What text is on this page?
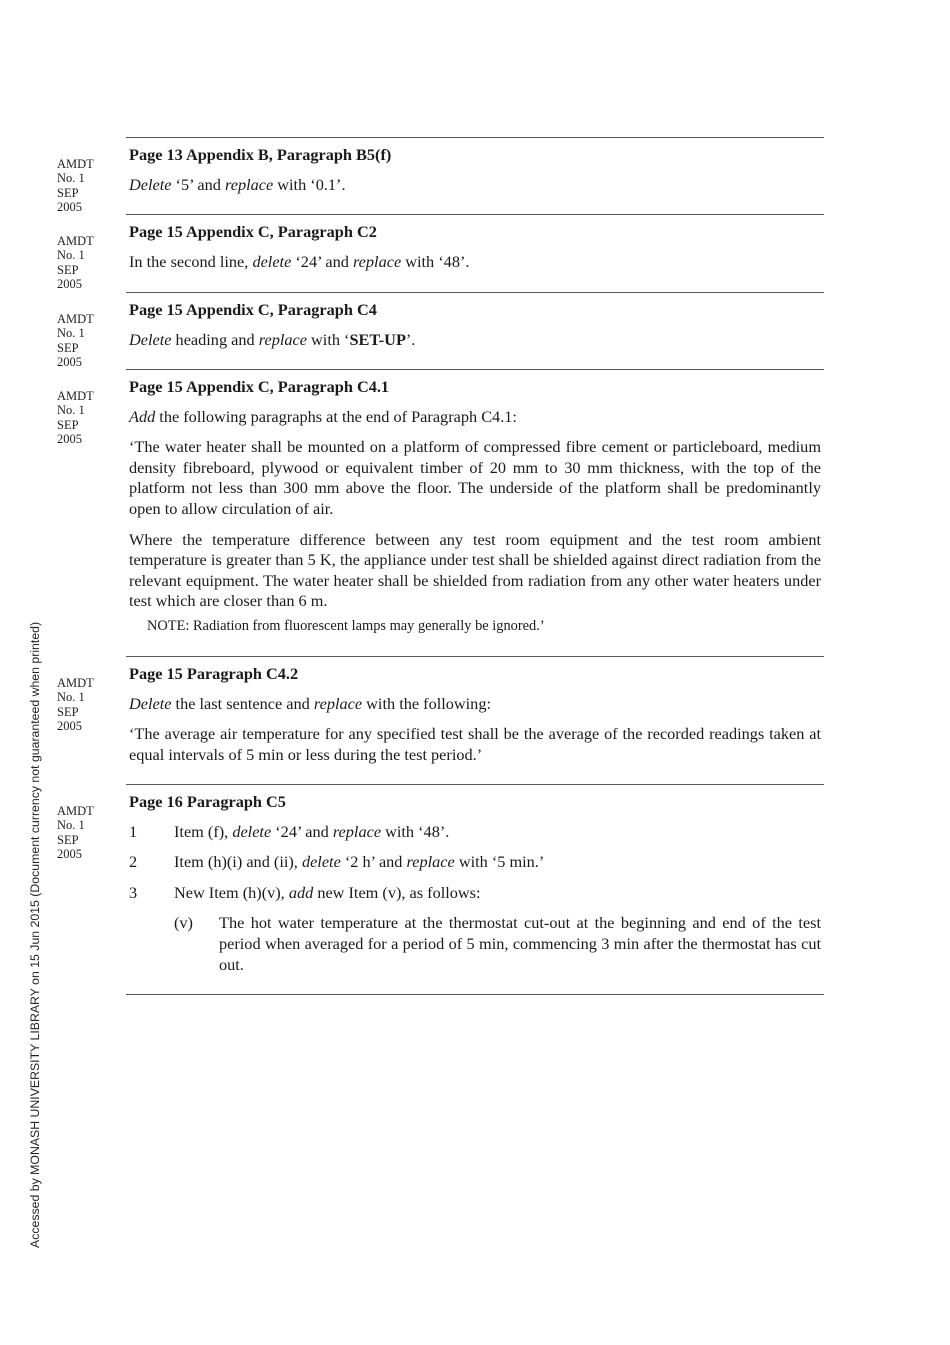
Accessed by MONASH UNIVERSITY LIBRARY on 15 Jun 2015 (Document currency not guaranteed when printed)
AMDT
No. 1
SEP
2005
Page 13 Appendix B, Paragraph B5(f)

Delete ‘5’ and replace with ‘0.1’.

AMDT
No. 1
SEP
2005
Page 15 Appendix C, Paragraph C2

In the second line, delete ‘24’ and replace with ‘48’.

AMDT
No. 1
SEP
2005
Page 15 Appendix C, Paragraph C4

Delete heading and replace with ‘SET-UP’.

AMDT
No. 1
SEP
2005
Page 15 Appendix C, Paragraph C4.1

Add the following paragraphs at the end of Paragraph C4.1:

‘The water heater shall be mounted on a platform of compressed fibre cement or particleboard, medium density fibreboard, plywood or equivalent timber of 20 mm to 30 mm thickness, with the top of the platform not less than 300 mm above the floor. The underside of the platform shall be predominantly open to allow circulation of air.

Where the temperature difference between any test room equipment and the test room ambient temperature is greater than 5 K, the appliance under test shall be shielded against direct radiation from the relevant equipment. The water heater shall be shielded from radiation from any other water heaters under test which are closer than 6 m.

NOTE: Radiation from fluorescent lamps may generally be ignored.’

AMDT
No. 1
SEP
2005
Page 15 Paragraph C4.2

Delete the last sentence and replace with the following:

‘The average air temperature for any specified test shall be the average of the recorded readings taken at equal intervals of 5 min or less during the test period.’

AMDT
No. 1
SEP
2005
Page 16 Paragraph C5
1 Item (f), delete ‘24’ and replace with ‘48’.
2 Item (h)(i) and (ii), delete ‘2 h’ and replace with ‘5 min.’
3 New Item (h)(v), add new Item (v), as follows:
(v) The hot water temperature at the thermostat cut-out at the beginning and end of the test period when averaged for a period of 5 min, commencing 3 min after the thermostat has cut out.
